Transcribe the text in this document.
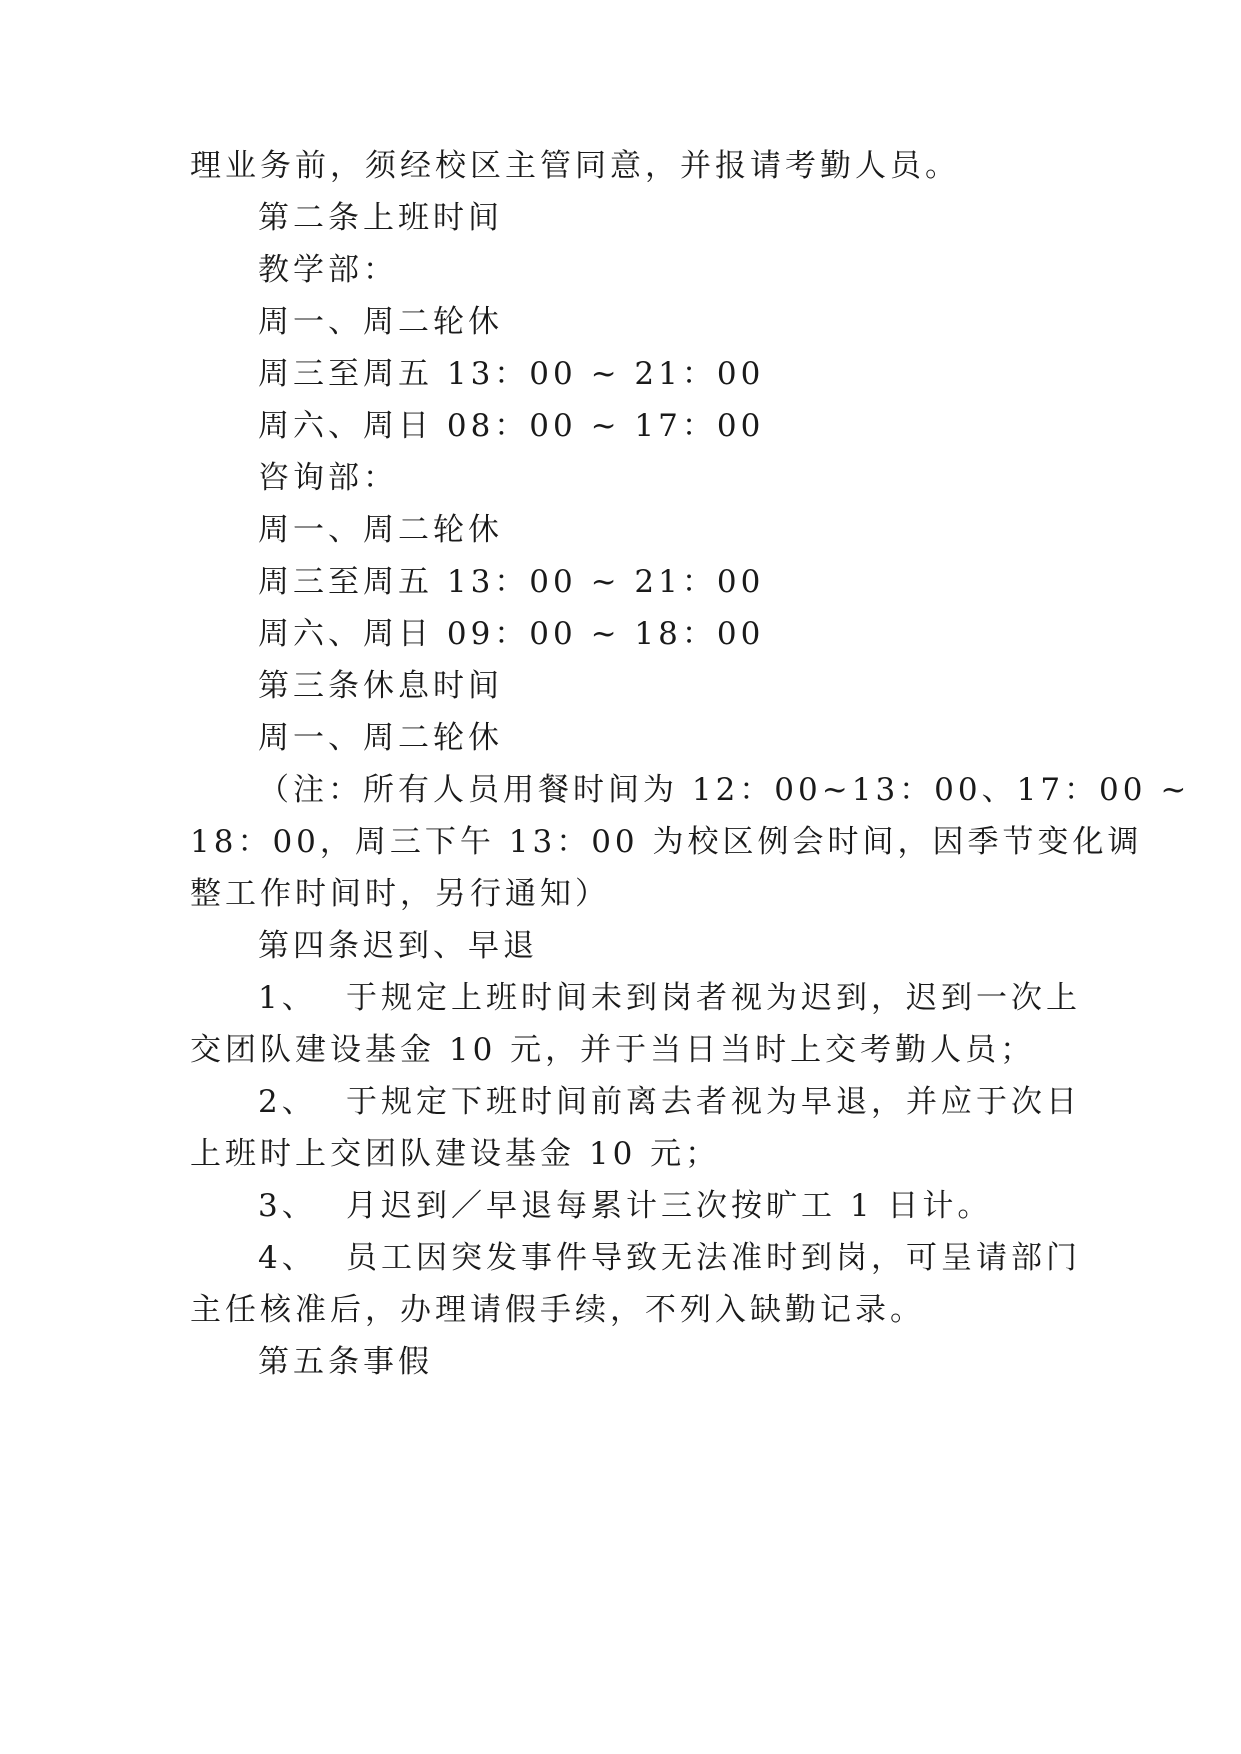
理业务前，须经校区主管同意，并报请考勤人员。
第二条上班时间
教学部：
周一、周二轮休
周三至周五 13：00 ~ 21：00
周六、周日 08：00 ~ 17：00
咨询部：
周一、周二轮休
周三至周五 13：00 ~ 21：00
周六、周日 09：00 ~ 18：00
第三条休息时间
周一、周二轮休
（注：所有人员用餐时间为 12：00~13：00、17：00 ~
18：00，周三下午 13：00 为校区例会时间，因季节变化调
整工作时间时，另行通知）
第四条迟到、早退
1、 于规定上班时间未到岗者视为迟到，迟到一次上
交团队建设基金 10 元，并于当日当时上交考勤人员；
2、 于规定下班时间前离去者视为早退，并应于次日
上班时上交团队建设基金 10 元；
3、 月迟到／早退每累计三次按旷工 1 日计。
4、 员工因突发事件导致无法准时到岗，可呈请部门
主任核准后，办理请假手续，不列入缺勤记录。
第五条事假
